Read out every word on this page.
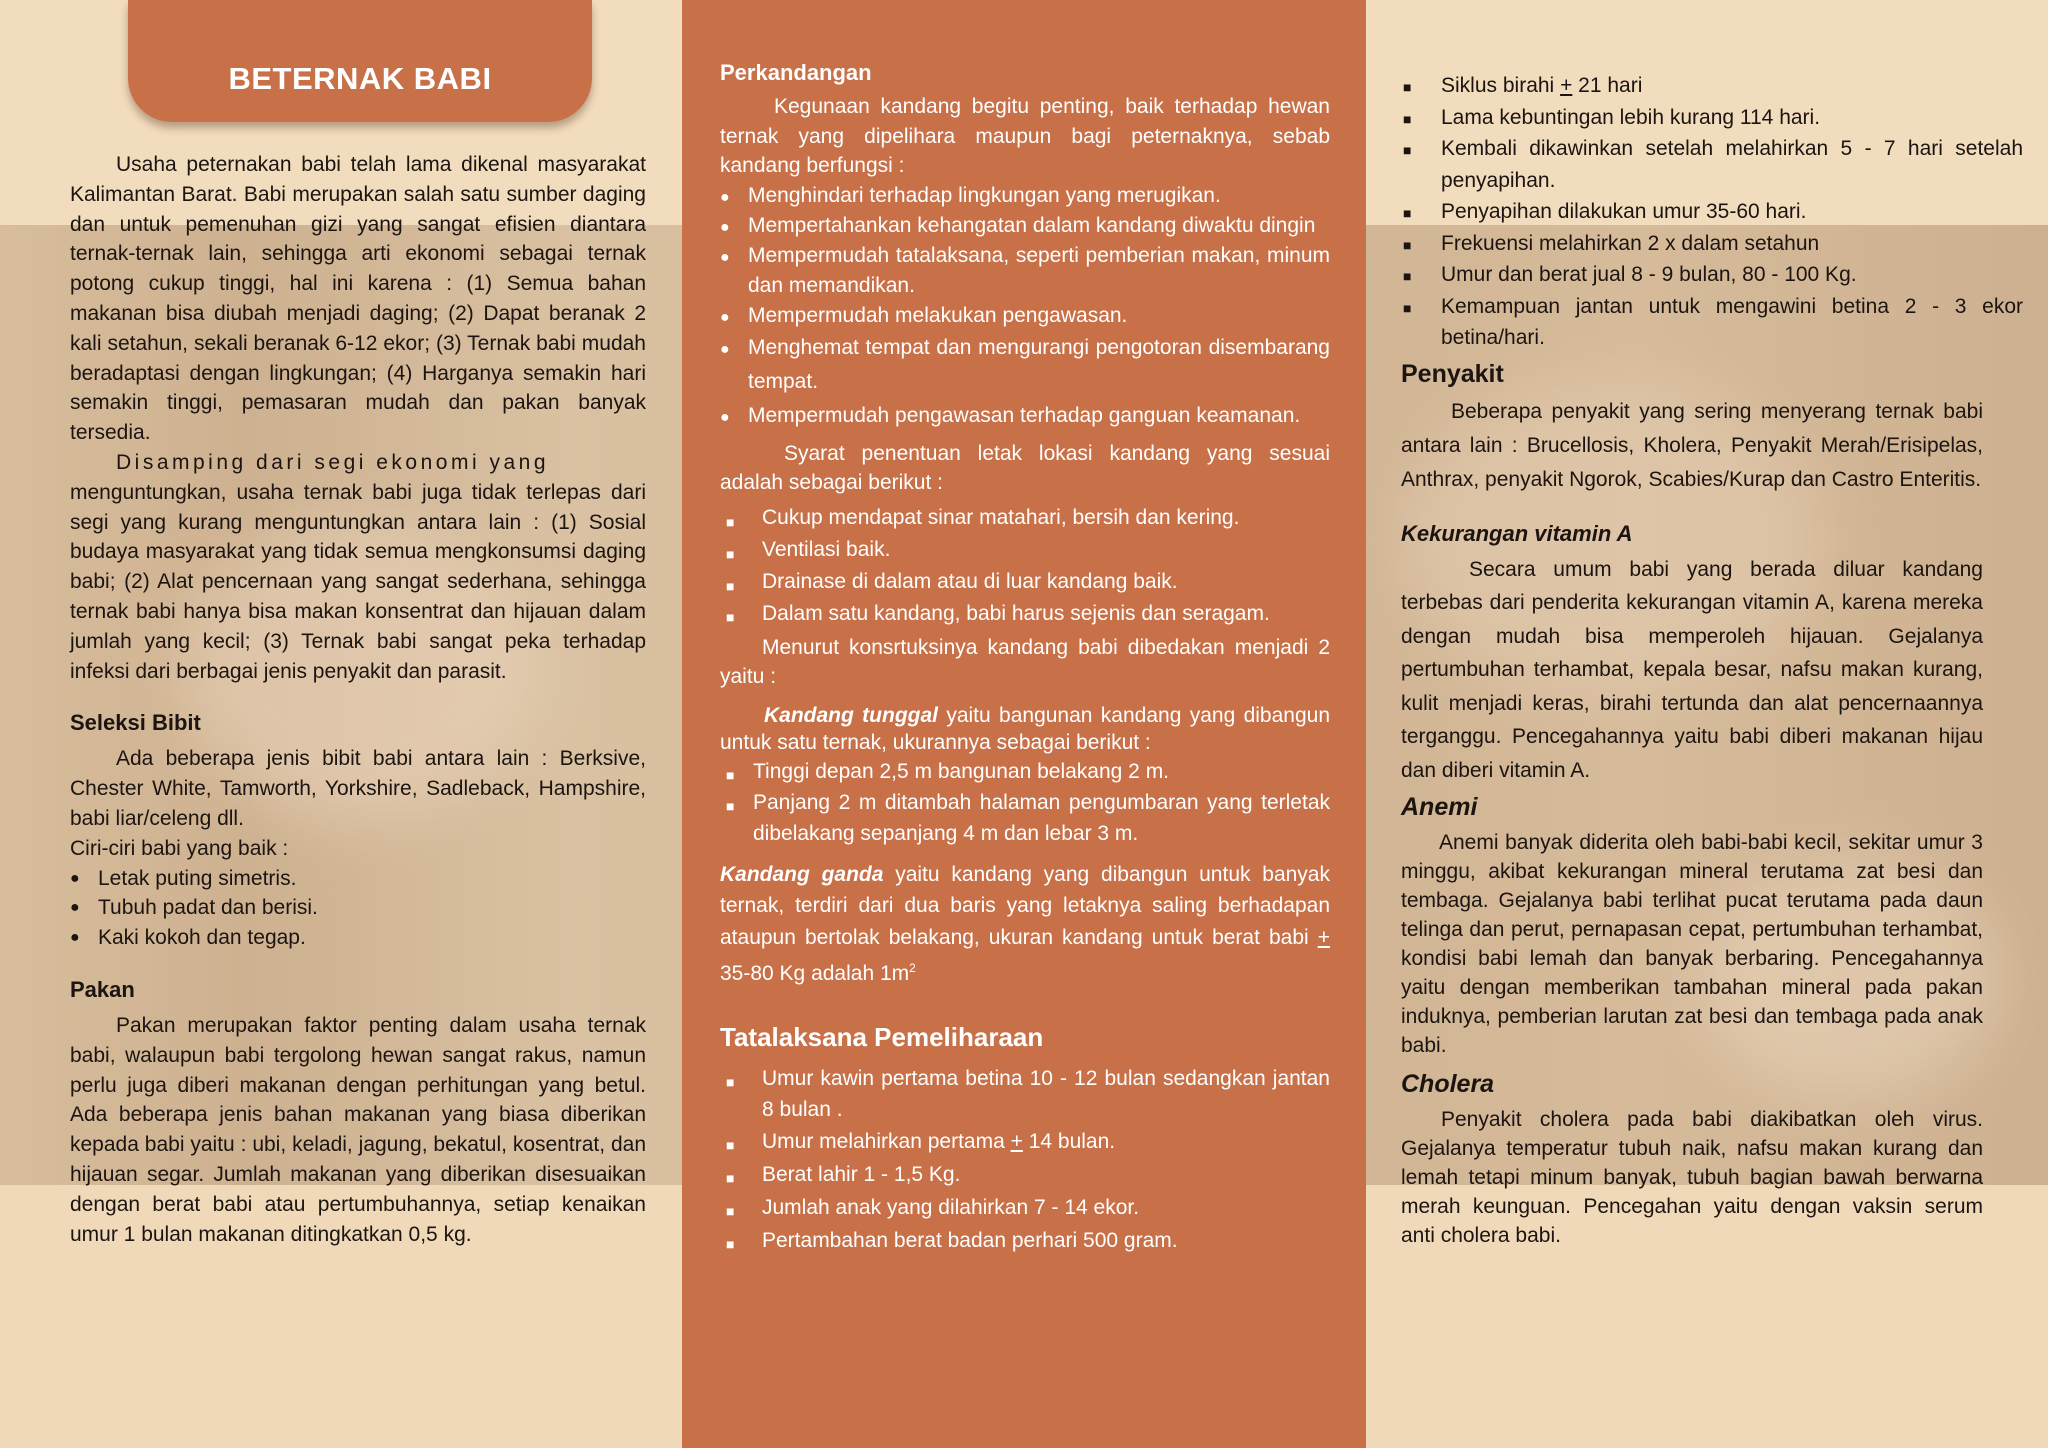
Usaha peternakan babi telah lama dikenal masyarakat Kalimantan Barat. Babi merupakan salah satu sumber daging dan untuk pemenuhan gizi yang sangat efisien diantara ternak-ternak lain, sehingga arti ekonomi sebagai ternak potong cukup tinggi, hal ini karena : (1) Semua bahan makanan bisa diubah menjadi daging; (2) Dapat beranak 2 kali setahun, sekali beranak 6-12 ekor; (3) Ternak babi mudah beradaptasi dengan lingkungan; (4) Harganya semakin hari semakin tinggi, pemasaran mudah dan pakan banyak tersedia.

Disamping dari segi ekonomi yang

menguntungkan, usaha ternak babi juga tidak terlepas dari segi yang kurang menguntungkan antara lain : (1) Sosial budaya masyarakat yang tidak semua mengkonsumsi daging babi; (2) Alat pencernaan yang sangat sederhana, sehingga ternak babi hanya bisa makan konsentrat dan hijauan dalam jumlah yang kecil; (3) Ternak babi sangat peka terhadap infeksi dari berbagai jenis penyakit dan parasit.

Seleksi Bibit

Ada beberapa jenis bibit babi antara lain : Berksive, Chester White, Tamworth, Yorkshire, Sadleback, Hampshire, babi liar/celeng dll.

Ciri-ciri babi yang baik :

● Letak puting simetris.
● Tubuh padat dan berisi.
● Kaki kokoh dan tegap.
Pakan

Pakan merupakan faktor penting dalam usaha ternak babi, walaupun babi tergolong hewan sangat rakus, namun perlu juga diberi makanan dengan perhitungan yang betul. Ada beberapa jenis bahan makanan yang biasa diberikan kepada babi yaitu : ubi, keladi, jagung, bekatul, kosentrat, dan hijauan segar. Jumlah makanan yang diberikan disesuaikan dengan berat babi atau pertumbuhannya, setiap kenaikan umur 1 bulan makanan ditingkatkan 0,5 kg.

BETERNAK BABI	Perkandangan

Kegunaan kandang begitu penting, baik terhadap hewan ternak yang dipelihara maupun bagi peternaknya, sebab kandang berfungsi :

● Menghindari terhadap lingkungan yang merugikan.
● Mempertahankan kehangatan dalam kandang diwaktu dingin
● Mempermudah tatalaksana, seperti pemberian makan, minum dan memandikan.
● Mempermudah melakukan pengawasan.
● Menghemat tempat dan mengurangi pengotoran disembarang tempat.
● Mempermudah pengawasan terhadap ganguan keamanan.

Syarat penentuan letak lokasi kandang yang sesuai adalah sebagai berikut :

■ Cukup mendapat sinar matahari, bersih dan kering.
■ Ventilasi baik.
■ Drainase di dalam atau di luar kandang baik.
■ Dalam satu kandang, babi harus sejenis dan seragam.

Menurut konsrtuksinya kandang babi dibedakan menjadi 2 yaitu :

Kandang tunggal yaitu bangunan kandang yang dibangun untuk satu ternak, ukurannya sebagai berikut :

■ Tinggi depan 2,5 m bangunan belakang 2 m.
■ Panjang 2 m ditambah halaman pengumbaran yang terletak dibelakang sepanjang 4 m dan lebar 3 m.

Kandang ganda yaitu kandang yang dibangun untuk banyak ternak, terdiri dari dua baris yang letaknya saling berhadapan ataupun bertolak belakang, ukuran kandang untuk berat babi + 35-80 Kg adalah $1m^2$

Tatalaksana Pemeliharaan
■ Umur kawin pertama betina 10 - 12 bulan sedangkan jantan 8 bulan .
■ Umur melahirkan pertama + 14 bulan.
■ Berat lahir 1 - 1,5 Kg.
■ Jumlah anak yang dilahirkan 7 - 14 ekor.
■ Pertambahan berat badan perhari 500 gram.
■ Siklus birahi + 21 hari
■ Lama kebuntingan lebih kurang 114 hari.
■ Kembali dikawinkan setelah melahirkan 5 - 7 hari setelah penyapihan.
■ Penyapihan dilakukan umur 35-60 hari.
■ Frekuensi melahirkan 2 x dalam setahun
■ Umur dan berat jual 8 - 9 bulan, 80 - 100 Kg.
■ Kemampuan jantan untuk mengawini betina 2 - 3 ekor betina/hari.
Penyakit

Beberapa penyakit yang sering menyerang ternak babi antara lain : Brucellosis, Kholera, Penyakit Merah/Erisipelas, Anthrax, penyakit Ngorok, Scabies/Kurap dan Castro Enteritis.

Kekurangan vitamin A

Secara umum babi yang berada diluar kandang terbebas dari penderita kekurangan vitamin A, karena mereka dengan mudah bisa memperoleh hijauan. Gejalanya pertumbuhan terhambat, kepala besar, nafsu makan kurang, kulit menjadi keras, birahi tertunda dan alat pencernaannya terganggu. Pencegahannya yaitu babi diberi makanan hijau dan diberi vitamin A.

Anemi

Anemi banyak diderita oleh babi-babi kecil, sekitar umur 3 minggu, akibat kekurangan mineral terutama zat besi dan tembaga. Gejalanya babi terlihat pucat terutama pada daun telinga dan perut, pernapasan cepat, pertumbuhan terhambat, kondisi babi lemah dan banyak berbaring. Pencegahannya yaitu dengan memberikan tambahan mineral pada pakan induknya, pemberian larutan zat besi dan tembaga pada anak babi.

Cholera

Penyakit cholera pada babi diakibatkan oleh virus. Gejalanya temperatur tubuh naik, nafsu makan kurang dan lemah tetapi minum banyak, tubuh bagian bawah berwarna merah keunguan. Pencegahan yaitu dengan vaksin serum anti cholera babi.
